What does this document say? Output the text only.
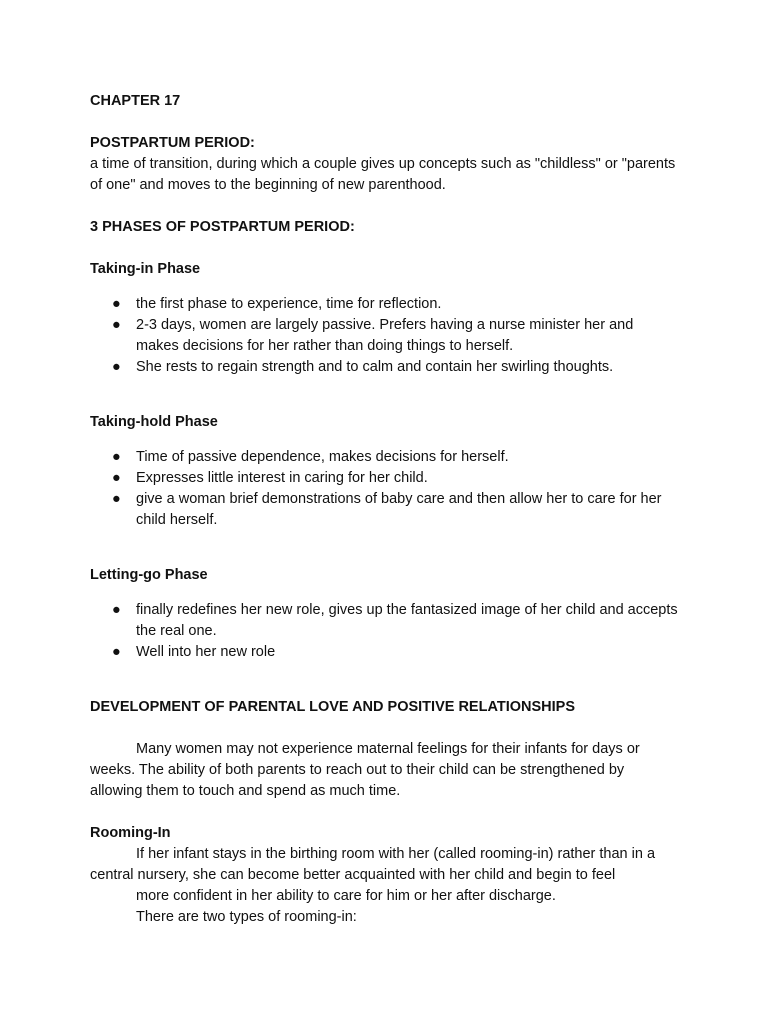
CHAPTER 17

POSTPARTUM PERIOD:

a time of transition, during which a couple gives up concepts such as "childless" or "parents of one" and moves to the beginning of new parenthood.

3 PHASES OF POSTPARTUM PERIOD:

Taking-in Phase

● the first phase to experience, time for reflection.
● 2-3 days, women are largely passive. Prefers having a nurse minister her and makes decisions for her rather than doing things to herself.
● She rests to regain strength and to calm and contain her swirling thoughts.

Taking-hold Phase

● Time of passive dependence, makes decisions for herself.
● Expresses little interest in caring for her child.
● give a woman brief demonstrations of baby care and then allow her to care for her child herself.

Letting-go Phase

● finally redefines her new role, gives up the fantasized image of her child and accepts the real one.
● Well into her new role

DEVELOPMENT OF PARENTAL LOVE AND POSITIVE RELATIONSHIPS

Many women may not experience maternal feelings for their infants for days or weeks. The ability of both parents to reach out to their child can be strengthened by allowing them to touch and spend as much time.

Rooming-In

If her infant stays in the birthing room with her (called rooming-in) rather than in a central nursery, she can become better acquainted with her child and begin to feel

more confident in her ability to care for him or her after discharge.

There are two types of rooming-in:
